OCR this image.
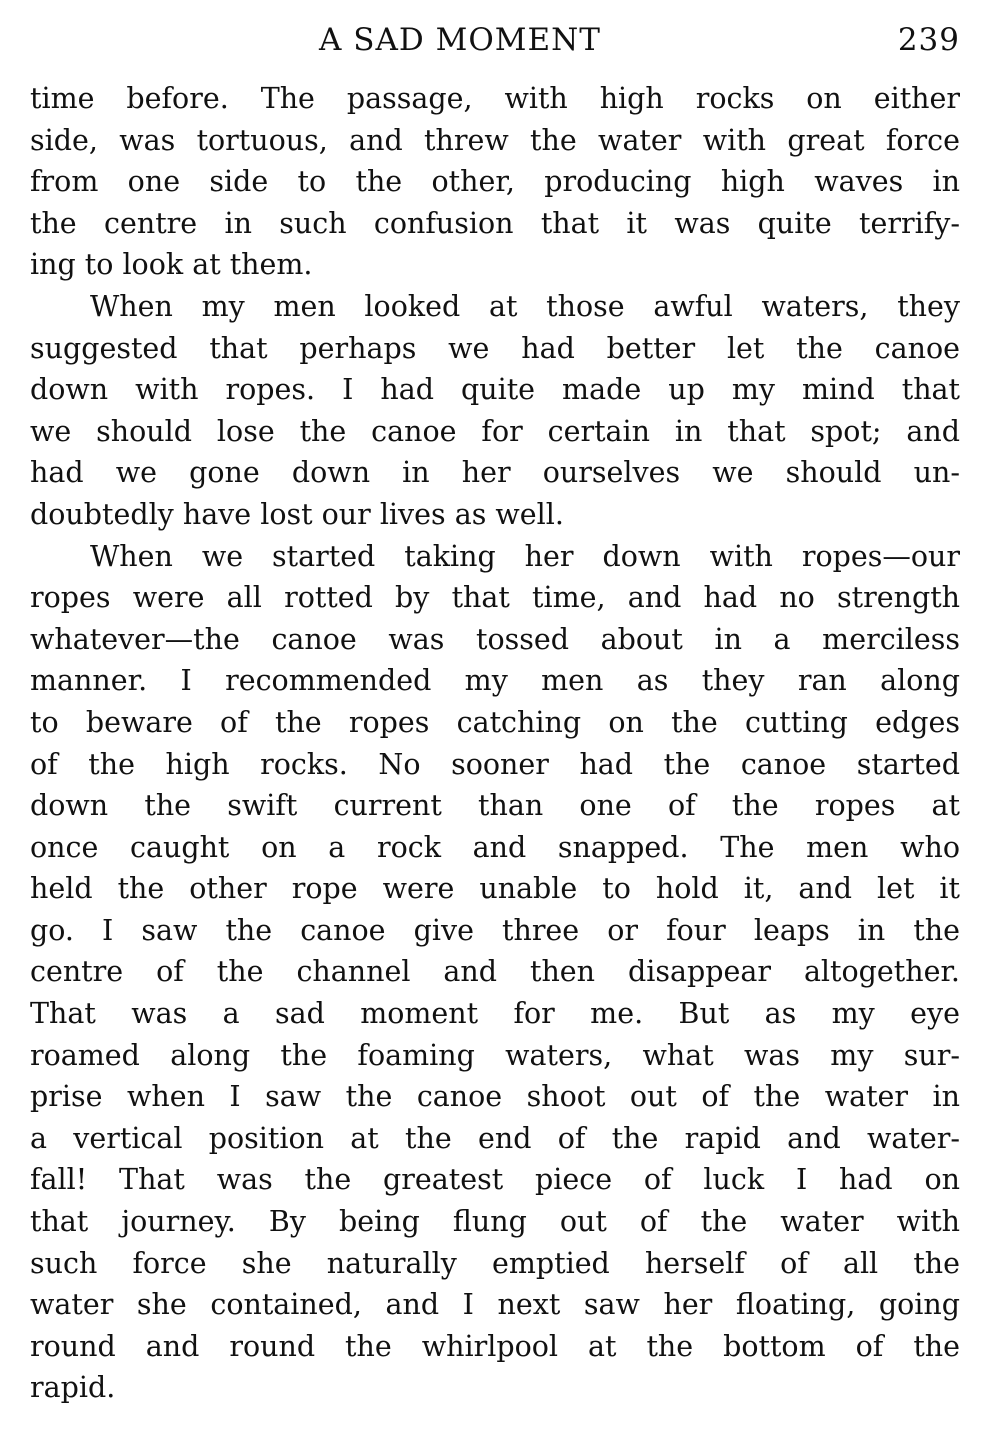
A SAD MOMENT	239
time before. The passage, with high rocks on either
side, was tortuous, and threw the water with great force
from one side to the other, producing high waves in
the centre in such confusion that it was quite terrify-
ing to look at them.
When my men looked at those awful waters, they
suggested that perhaps we had better let the canoe
down with ropes. I had quite made up my mind that
we should lose the canoe for certain in that spot; and
had we gone down in her ourselves we should un-
doubtedly have lost our lives as well.
When we started taking her down with ropes—our
ropes were all rotted by that time, and had no strength
whatever—the canoe was tossed about in a merciless
manner. I recommended my men as they ran along
to beware of the ropes catching on the cutting edges
of the high rocks. No sooner had the canoe started
down the swift current than one of the ropes at
once caught on a rock and snapped. The men who
held the other rope were unable to hold it, and let it
go. I saw the canoe give three or four leaps in the
centre of the channel and then disappear altogether.
That was a sad moment for me. But as my eye
roamed along the foaming waters, what was my sur-
prise when I saw the canoe shoot out of the water in
a vertical position at the end of the rapid and water-
fall! That was the greatest piece of luck I had on
that journey. By being flung out of the water with
such force she naturally emptied herself of all the
water she contained, and I next saw her floating, going
round and round the whirlpool at the bottom of the
rapid.
